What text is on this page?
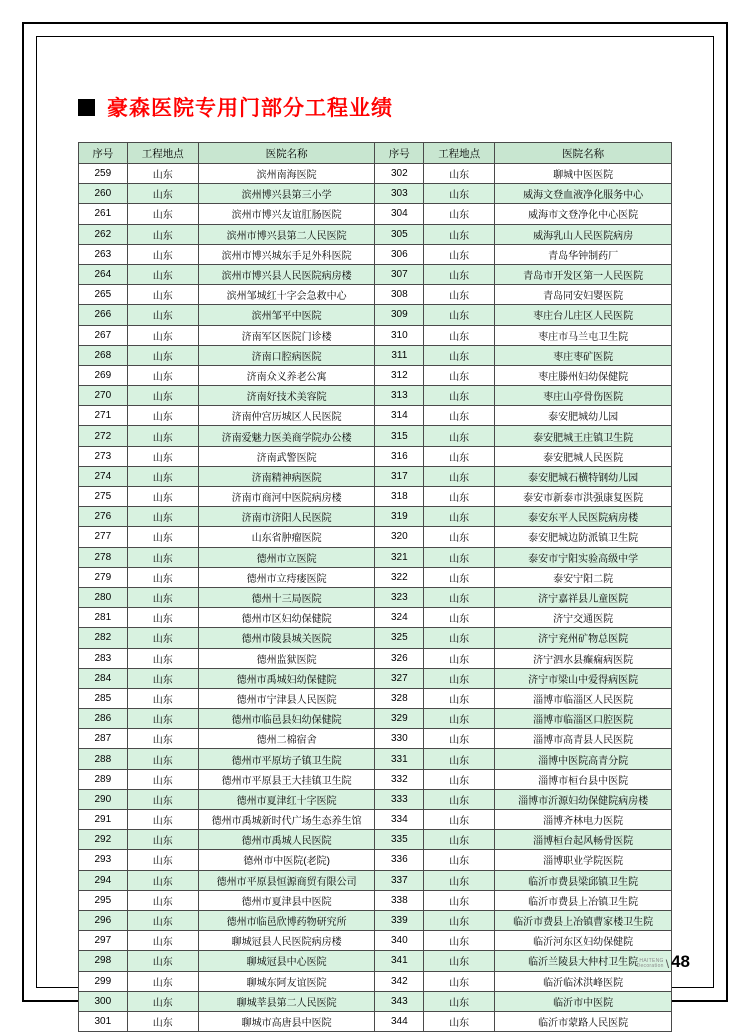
豪森医院专用门部分工程业绩
序号	工程地点	医院名称	序号	工程地点	医院名称
259	山东	滨州南海医院	302	山东	聊城中医医院
260	山东	滨州博兴县第三小学	303	山东	威海文登血液净化服务中心
261	山东	滨州市博兴友谊肛肠医院	304	山东	威海市文登净化中心医院
262	山东	滨州市博兴县第二人民医院	305	山东	威海乳山人民医院病房
263	山东	滨州市博兴城东手足外科医院	306	山东	青岛华钟制药厂
264	山东	滨州市博兴县人民医院病房楼	307	山东	青岛市开发区第一人民医院
265	山东	滨州邹城红十字会急救中心	308	山东	青岛同安妇婴医院
266	山东	滨州邹平中医院	309	山东	枣庄台儿庄区人民医院
267	山东	济南军区医院门诊楼	310	山东	枣庄市马兰屯卫生院
268	山东	济南口腔病医院	311	山东	枣庄枣矿医院
269	山东	济南众义养老公寓	312	山东	枣庄滕州妇幼保健院
270	山东	济南好技术美容院	313	山东	枣庄山亭骨伤医院
271	山东	济南仲宫历城区人民医院	314	山东	泰安肥城幼儿园
272	山东	济南爱魅力医美商学院办公楼	315	山东	泰安肥城王庄镇卫生院
273	山东	济南武警医院	316	山东	泰安肥城人民医院
274	山东	济南精神病医院	317	山东	泰安肥城石横特钢幼儿园
275	山东	济南市商河中医院病房楼	318	山东	泰安市新泰市洪强康复医院
276	山东	济南市济阳人民医院	319	山东	泰安东平人民医院病房楼
277	山东	山东省肿瘤医院	320	山东	泰安肥城边防派镇卫生院
278	山东	德州市立医院	321	山东	泰安市宁阳实验高级中学
279	山东	德州市立痔瘘医院	322	山东	泰安宁阳二院
280	山东	德州十三局医院	323	山东	济宁嘉祥县儿童医院
281	山东	德州市区妇幼保健院	324	山东	济宁交通医院
282	山东	德州市陵县城关医院	325	山东	济宁兖州矿物总医院
283	山东	德州监狱医院	326	山东	济宁泗水县癫痫病医院
284	山东	德州市禹城妇幼保健院	327	山东	济宁市梁山中爱得病医院
285	山东	德州市宁津县人民医院	328	山东	淄博市临淄区人民医院
286	山东	德州市临邑县妇幼保健院	329	山东	淄博市临淄区口腔医院
287	山东	德州二棉宿舍	330	山东	淄博市高青县人民医院
288	山东	德州市平原坊子镇卫生院	331	山东	淄博中医院高青分院
289	山东	德州市平原县王大挂镇卫生院	332	山东	淄博市桓台县中医院
290	山东	德州市夏津红十字医院	333	山东	淄博市沂源妇幼保健院病房楼
291	山东	德州市禹城新时代广场生态养生馆	334	山东	淄博齐林电力医院
292	山东	德州市禹城人民医院	335	山东	淄博桓台起风畅骨医院
293	山东	德州市中医院(老院)	336	山东	淄博职业学院医院
294	山东	德州市平原县恒源商贸有限公司	337	山东	临沂市费县梁邱镇卫生院
295	山东	德州市夏津县中医院	338	山东	临沂市费县上冶镇卫生院
296	山东	德州市临邑欣博药物研究所	339	山东	临沂市费县上冶镇曹家楼卫生院
297	山东	聊城冠县人民医院病房楼	340	山东	临沂河东区妇幼保健院
298	山东	聊城冠县中心医院	341	山东	临沂兰陵县大仲村卫生院
299	山东	聊城东阿友谊医院	342	山东	临沂临沭洪峰医院
300	山东	聊城莘县第二人民医院	343	山东	临沂市中医院
301	山东	聊城市高唐县中医院	344	山东	临沂市蒙路人民医院
HAITENG
Decoration \ 48
